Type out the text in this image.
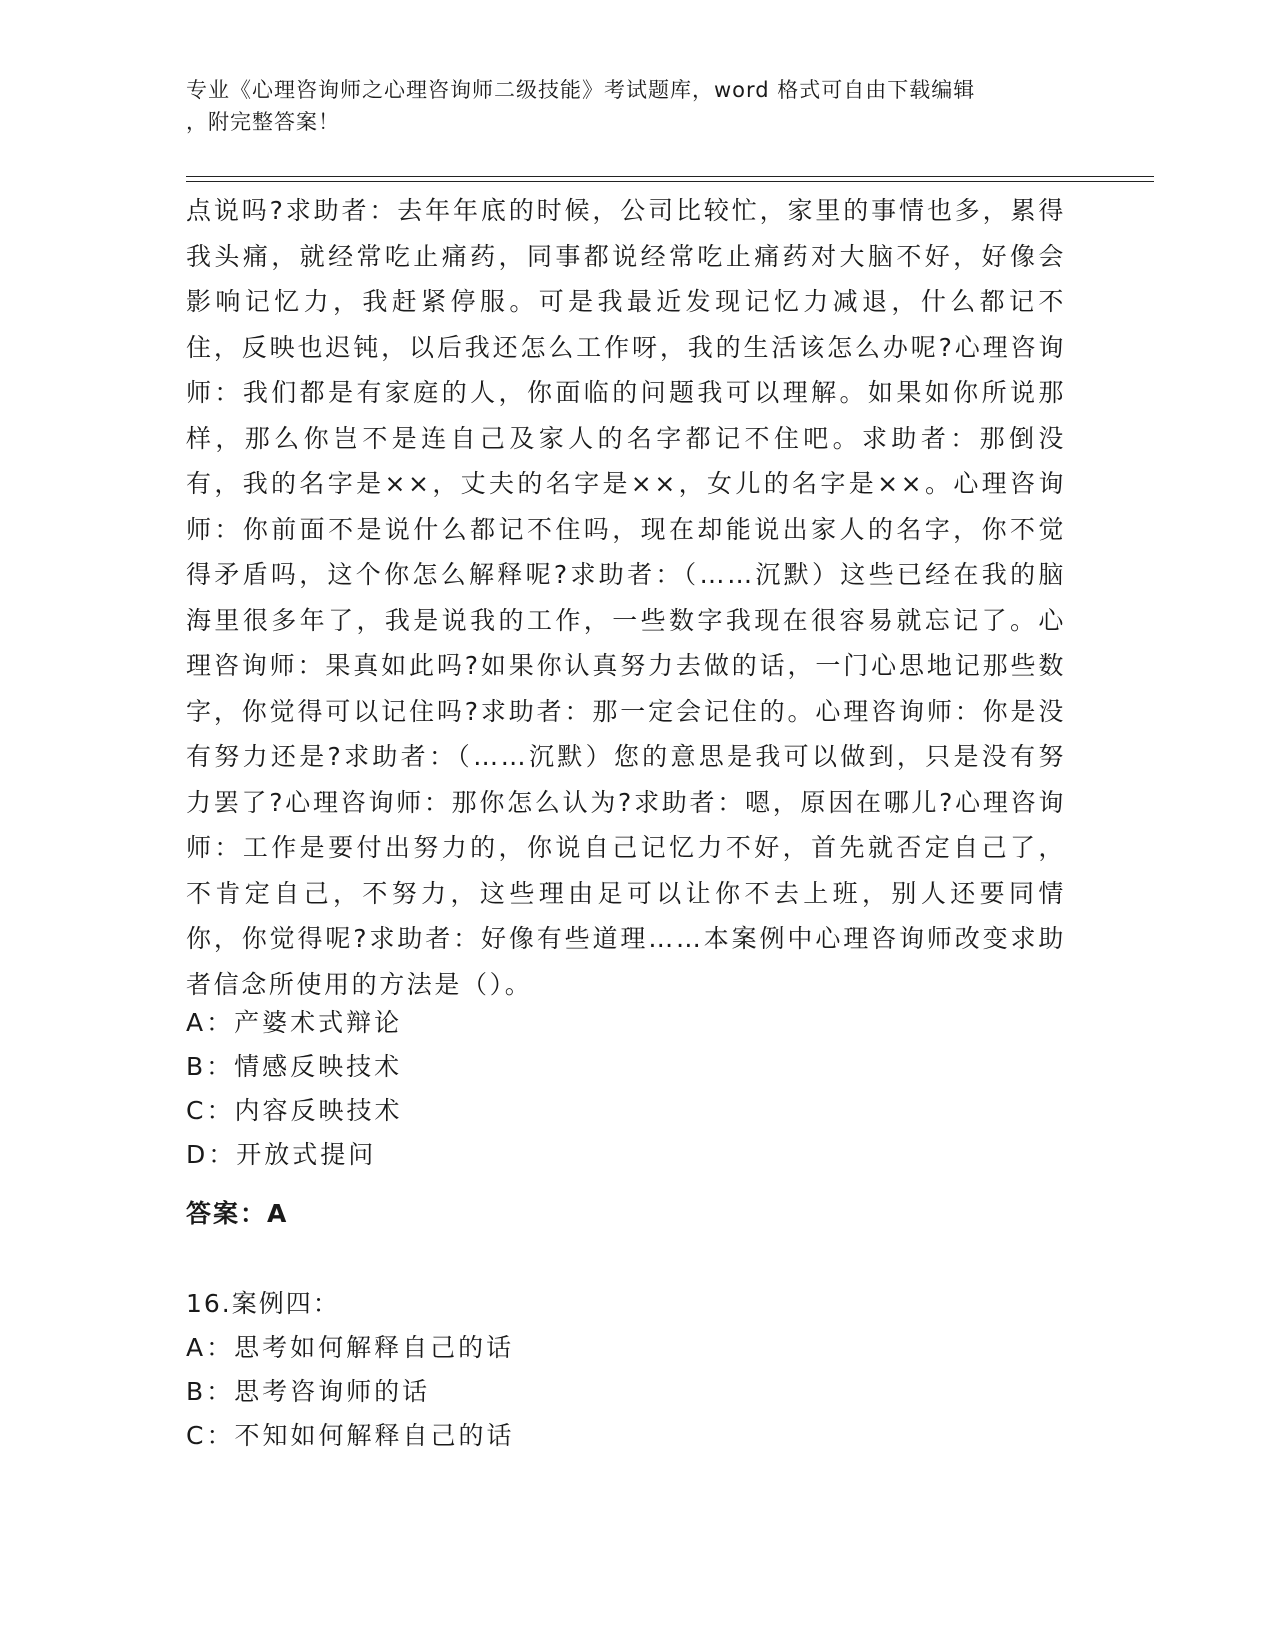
专业《心理咨询师之心理咨询师二级技能》考试题库，word 格式可自由下载编辑
，附完整答案！

点说吗?求助者：去年年底的时候，公司比较忙，家里的事情也多，累得我头痛，就经常吃止痛药，同事都说经常吃止痛药对大脑不好，好像会影响记忆力，我赶紧停服。可是我最近发现记忆力减退，什么都记不住，反映也迟钝，以后我还怎么工作呀，我的生活该怎么办呢?心理咨询师：我们都是有家庭的人，你面临的问题我可以理解。如果如你所说那样，那么你岂不是连自己及家人的名字都记不住吧。求助者：那倒没有，我的名字是××，丈夫的名字是××，女儿的名字是××。心理咨询师：你前面不是说什么都记不住吗，现在却能说出家人的名字，你不觉得矛盾吗，这个你怎么解释呢?求助者：（……沉默）这些已经在我的脑海里很多年了，我是说我的工作，一些数字我现在很容易就忘记了。心理咨询师：果真如此吗?如果你认真努力去做的话，一门心思地记那些数字，你觉得可以记住吗?求助者：那一定会记住的。心理咨询师：你是没有努力还是?求助者：（……沉默）您的意思是我可以做到，只是没有努力罢了?心理咨询师：那你怎么认为?求助者：嗯，原因在哪儿?心理咨询师：工作是要付出努力的，你说自己记忆力不好，首先就否定自己了，不肯定自己，不努力，这些理由足可以让你不去上班，别人还要同情你，你觉得呢?求助者：好像有些道理……本案例中心理咨询师改变求助者信念所使用的方法是（）。

A：产婆术式辩论
B：情感反映技术
C：内容反映技术
D：开放式提问
答案：A
16.案例四：
A：思考如何解释自己的话
B：思考咨询师的话
C：不知如何解释自己的话
